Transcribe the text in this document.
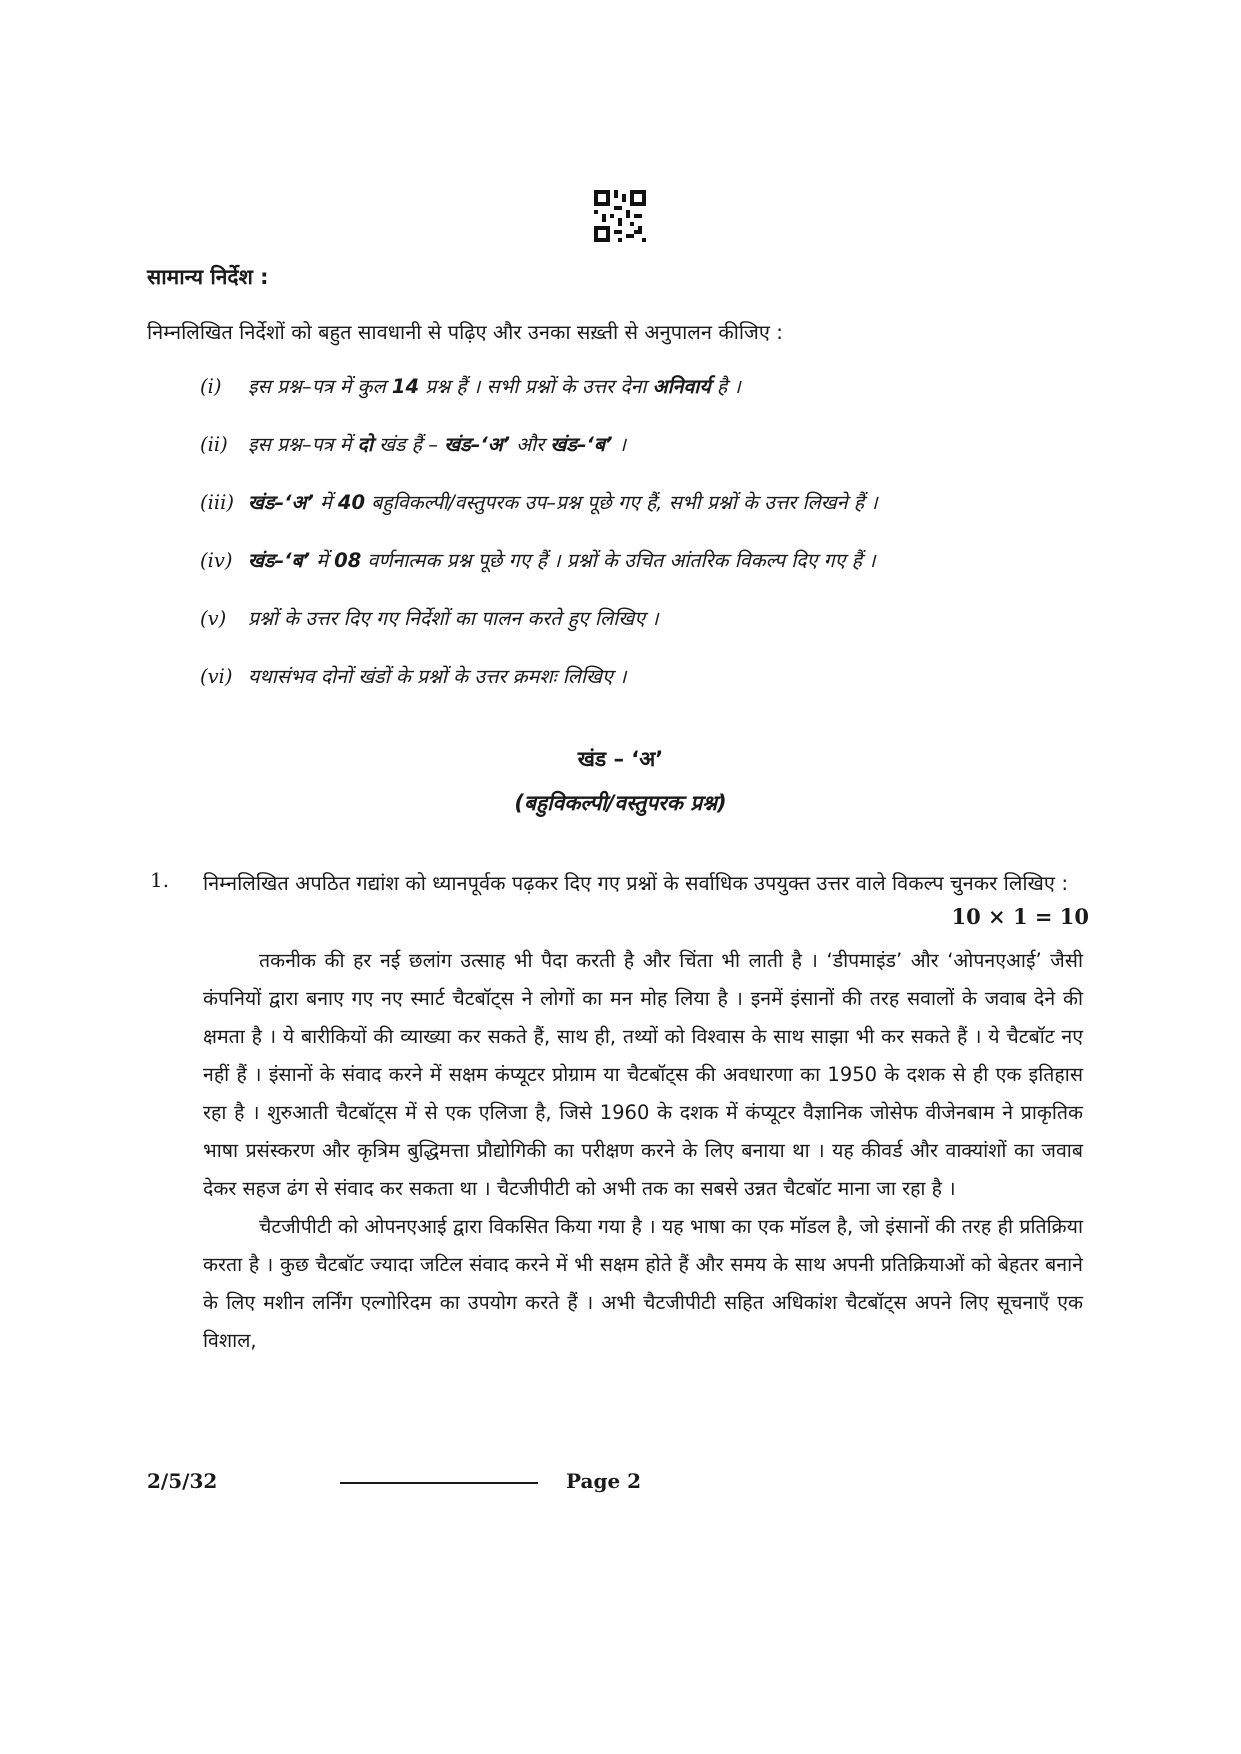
सामान्य निर्देश :
निम्नलिखित निर्देशों को बहुत सावधानी से पढ़िए और उनका सख़्ती से अनुपालन कीजिए :
(i)	इस प्रश्न–पत्र में कुल 14 प्रश्न हैं । सभी प्रश्नों के उत्तर देना अनिवार्य है ।
(ii)	इस प्रश्न–पत्र में दो खंड हैं – खंड–‘अ’ और खंड–‘ब’ ।
(iii) खंड–‘अ’ में 40 बहुविकल्पी/वस्तुपरक उप–प्रश्न पूछे गए हैं, सभी प्रश्नों के उत्तर लिखने हैं ।
(iv) खंड–‘ब’ में 08 वर्णनात्मक प्रश्न पूछे गए हैं । प्रश्नों के उचित आंतरिक विकल्प दिए गए हैं ।
(v)	प्रश्नों के उत्तर दिए गए निर्देशों का पालन करते हुए लिखिए ।
(vi) यथासंभव दोनों खंडों के प्रश्नों के उत्तर क्रमशः लिखिए ।
खंड – ‘अ’
(बहुविकल्पी/वस्तुपरक प्रश्न)
1. निम्नलिखित अपठित गद्यांश को ध्यानपूर्वक पढ़कर दिए गए प्रश्नों के सर्वाधिक उपयुक्त उत्तर वाले विकल्प चुनकर लिखिए :
10 × 1 = 10

तकनीक की हर नई छलांग उत्साह भी पैदा करती है और चिंता भी लाती है । ‘डीपमाइंड’ और ‘ओपनएआई’ जैसी कंपनियों द्वारा बनाए गए नए स्मार्ट चैटबॉट्स ने लोगों का मन मोह लिया है । इनमें इंसानों की तरह सवालों के जवाब देने की क्षमता है । ये बारीकियों की व्याख्या कर सकते हैं, साथ ही, तथ्यों को विश्वास के साथ साझा भी कर सकते हैं । ये चैटबॉट नए नहीं हैं । इंसानों के संवाद करने में सक्षम कंप्यूटर प्रोग्राम या चैटबॉट्स की अवधारणा का 1950 के दशक से ही एक इतिहास रहा है । शुरुआती चैटबॉट्स में से एक एलिजा है, जिसे 1960 के दशक में कंप्यूटर वैज्ञानिक जोसेफ वीजेनबाम ने प्राकृतिक भाषा प्रसंस्करण और कृत्रिम बुद्धिमत्ता प्रौद्योगिकी का परीक्षण करने के लिए बनाया था । यह कीवर्ड और वाक्यांशों का जवाब देकर सहज ढंग से संवाद कर सकता था । चैटजीपीटी को अभी तक का सबसे उन्नत चैटबॉट माना जा रहा है ।

चैटजीपीटी को ओपनएआई द्वारा विकसित किया गया है । यह भाषा का एक मॉडल है, जो इंसानों की तरह ही प्रतिक्रिया करता है । कुछ चैटबॉट ज्यादा जटिल संवाद करने में भी सक्षम होते हैं और समय के साथ अपनी प्रतिक्रियाओं को बेहतर बनाने के लिए मशीन लर्निंग एल्गोरिदम का उपयोग करते हैं । अभी चैटजीपीटी सहित अधिकांश चैटबॉट्स अपने लिए सूचनाएँ एक विशाल,

2/5/32	Page 2
